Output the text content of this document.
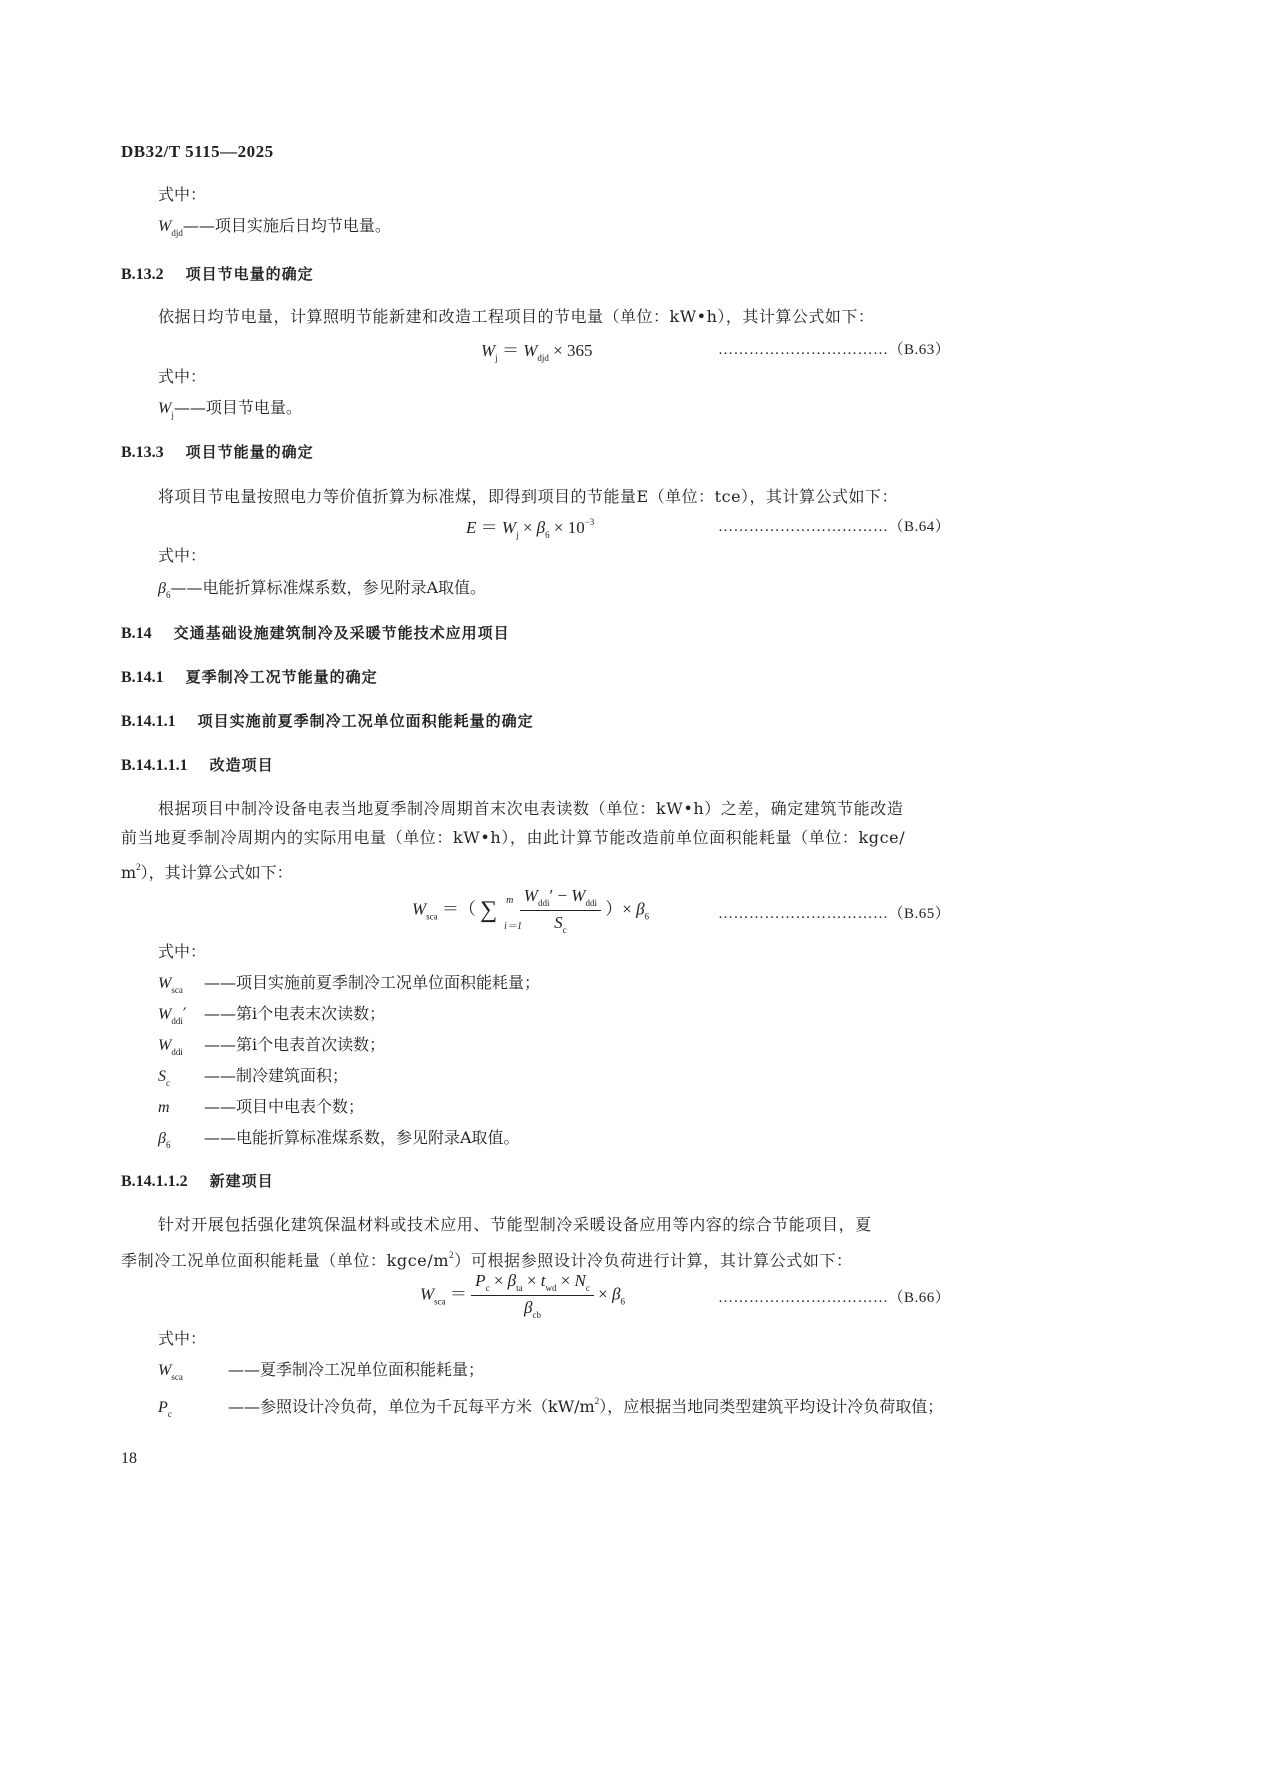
DB32/T 5115—2025
式中：
$W_{djd}——$项目实施后日均节电量。
B.13.2 项目节电量的确定
依据日均节电量，计算照明节能新建和改造工程项目的节电量（单位：kW•h），其计算公式如下：
$W_j = W_{djd} \times 365$	……………………………（B.63）
式中：
$W_j——$项目节电量。
B.13.3 项目节能量的确定
将项目节电量按照电力等价值折算为标准煤，即得到项目的节能量E（单位：tce），其计算公式如下：
$E = W_j \times \beta_6 \times 10^{-3}$	……………………………（B.64）
式中：
$\beta_6——$电能折算标准煤系数，参见附录A取值。
B.14 交通基础设施建筑制冷及采暖节能技术应用项目
B.14.1 夏季制冷工况节能量的确定
B.14.1.1 项目实施前夏季制冷工况单位面积能耗量的确定
B.14.1.1.1 改造项目
根据项目中制冷设备电表当地夏季制冷周期首末次电表读数（单位：kW•h）之差，确定建筑节能改造
前当地夏季制冷周期内的实际用电量（单位：kW•h），由此计算节能改造前单位面积能耗量（单位：kgce/
$m^2$），其计算公式如下：
$W_{sca}$ ＝（ ∑ m
i＝1

$\frac{W_{ddi}' - W_{ddi}}{S_c}$ ）× $\beta_6$	……………………………（B.65）
式中：
$W_{sca}$ ——项目实施前夏季制冷工况单位面积能耗量；
$W_{ddi}'$ ——第i个电表末次读数；
$W_{ddi}$ ——第i个电表首次读数；
$S_c$ ——制冷建筑面积；
m ——项目中电表个数；
$\beta_6$ ——电能折算标准煤系数，参见附录A取值。
B.14.1.1.2 新建项目
针对开展包括强化建筑保温材料或技术应用、节能型制冷采暖设备应用等内容的综合节能项目，夏
季制冷工况单位面积能耗量（单位：kgce/$m^2$）可根据参照设计冷负荷进行计算，其计算公式如下：
$W_{sca} = \frac{P_c \times \beta_{ta} \times t_{wd} \times N_c}{\beta_{cb}} \times \beta_6$	……………………………（B.66）
式中：
$W_{sca}$	——夏季制冷工况单位面积能耗量；
$P_c$	——参照设计冷负荷，单位为千瓦每平方米$(kW/m^2)$，应根据当地同类型建筑平均设计冷负荷取值；
18
